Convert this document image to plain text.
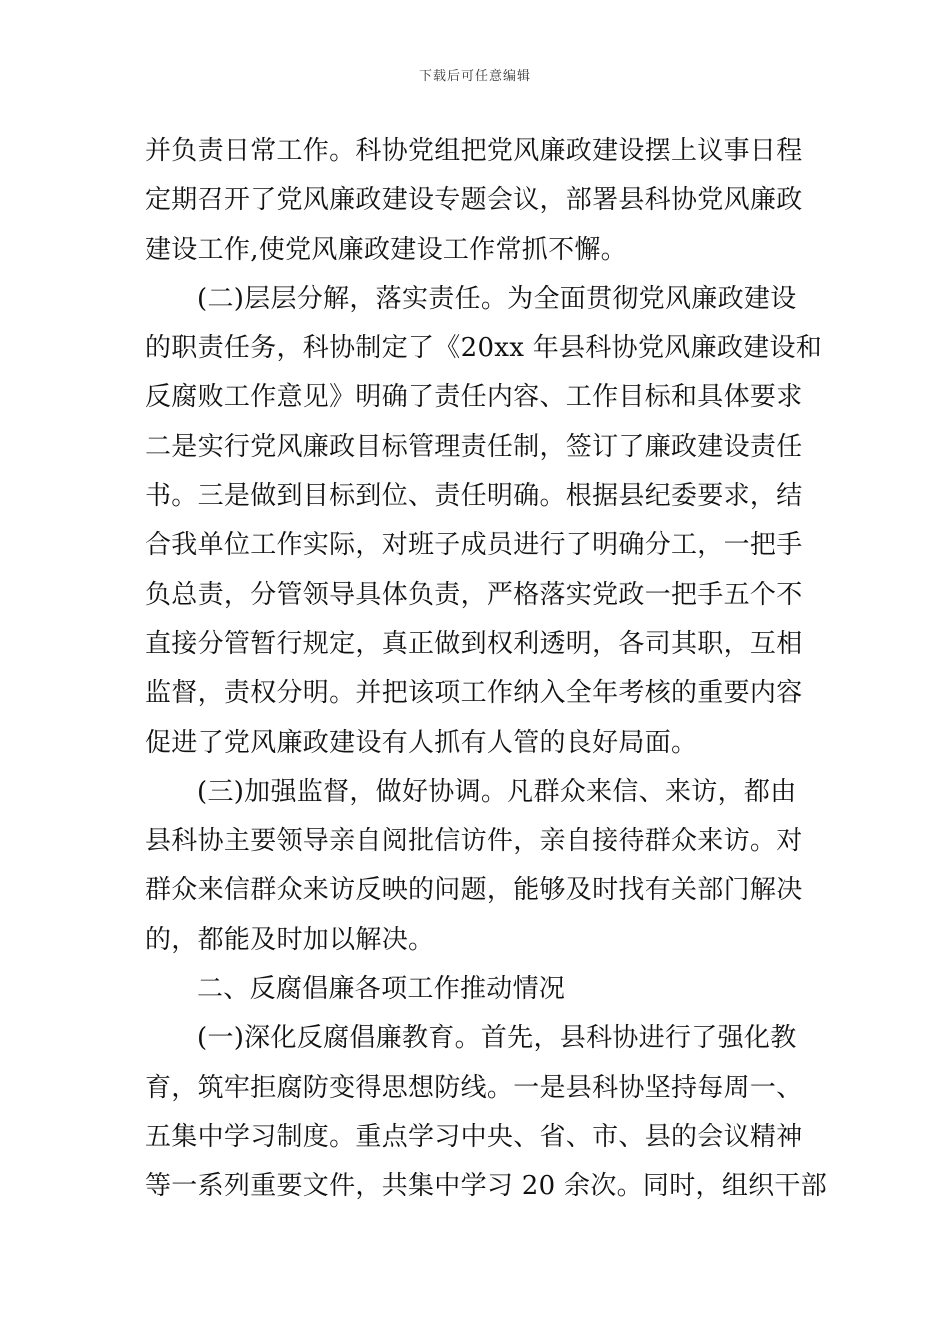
下载后可任意编辑
并负责日常工作。科协党组把党风廉政建设摆上议事日程
定期召开了党风廉政建设专题会议，部署县科协党风廉政
建设工作,使党风廉政建设工作常抓不懈。
(二)层层分解，落实责任。为全面贯彻党风廉政建设
的职责任务，科协制定了《20xx 年县科协党风廉政建设和
反腐败工作意见》明确了责任内容、工作目标和具体要求
二是实行党风廉政目标管理责任制，签订了廉政建设责任
书。三是做到目标到位、责任明确。根据县纪委要求，结
合我单位工作实际，对班子成员进行了明确分工，一把手
负总责，分管领导具体负责，严格落实党政一把手五个不
直接分管暂行规定，真正做到权利透明，各司其职，互相
监督，责权分明。并把该项工作纳入全年考核的重要内容
促进了党风廉政建设有人抓有人管的良好局面。
(三)加强监督，做好协调。凡群众来信、来访，都由
县科协主要领导亲自阅批信访件，亲自接待群众来访。对
群众来信群众来访反映的问题，能够及时找有关部门解决
的，都能及时加以解决。
二、反腐倡廉各项工作推动情况
(一)深化反腐倡廉教育。首先，县科协进行了强化教
育，筑牢拒腐防变得思想防线。一是县科协坚持每周一、
五集中学习制度。重点学习中央、省、市、县的会议精神
等一系列重要文件，共集中学习 20 余次。同时，组织干部
